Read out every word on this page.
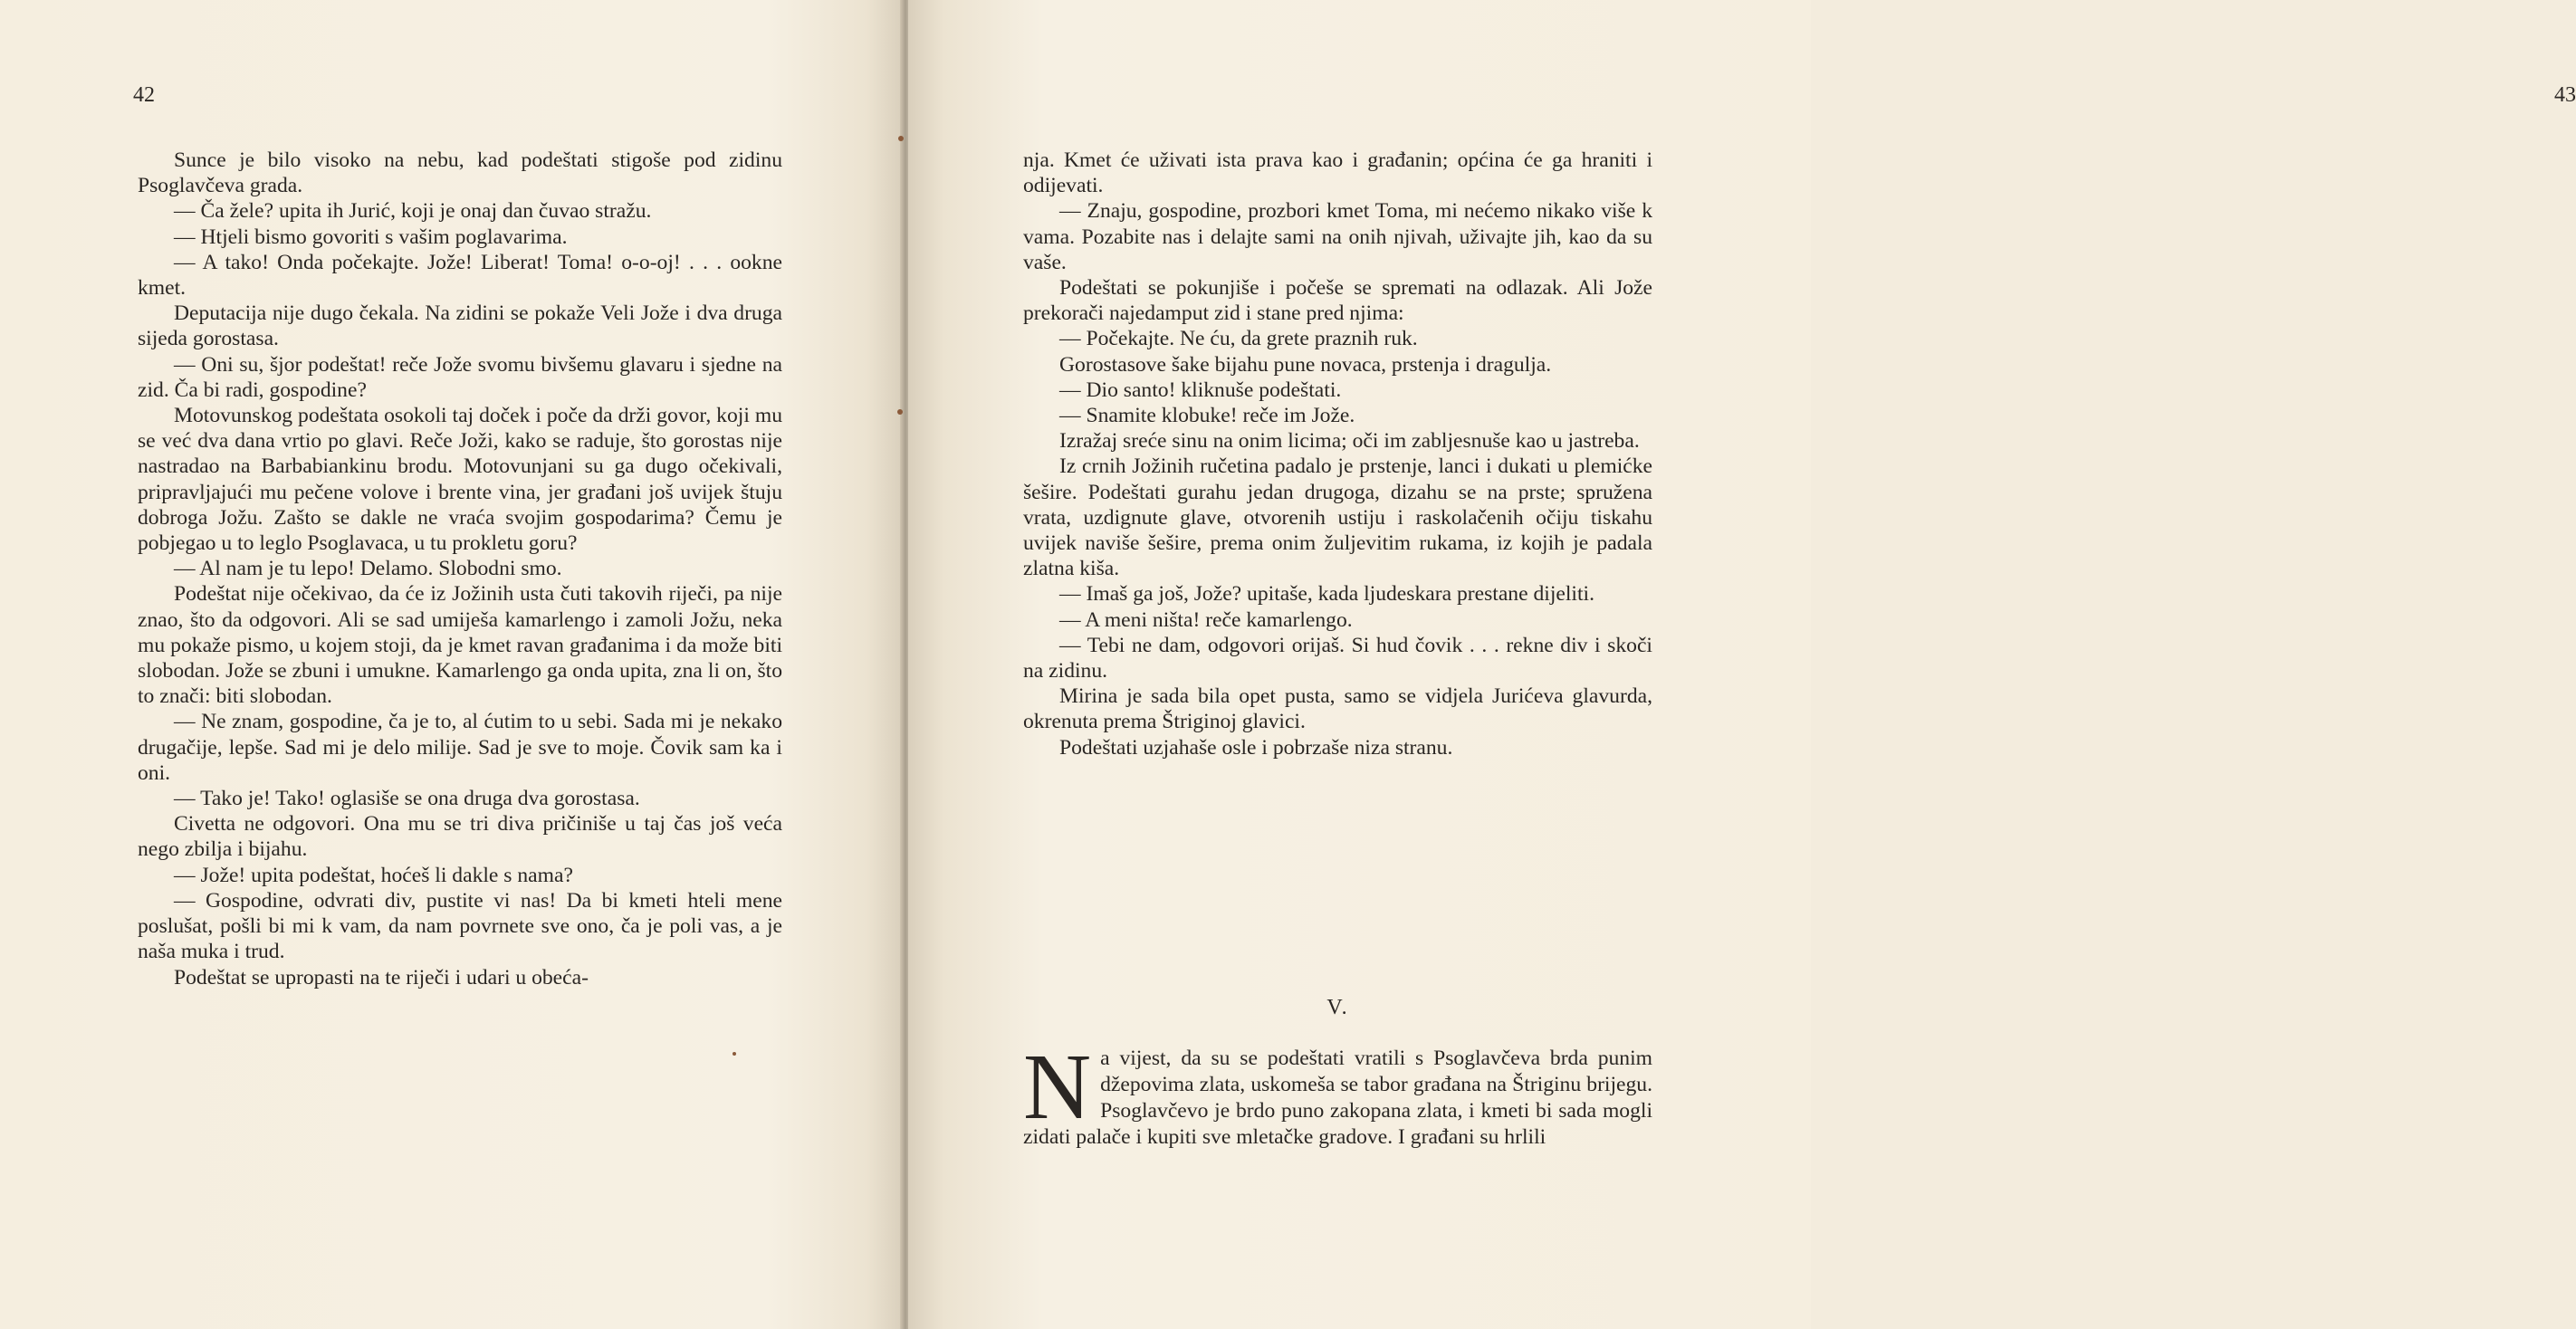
42

Sunce je bilo visoko na nebu, kad podeštati stigoše pod zidinu Psoglavčeva grada.

— Ča žele? upita ih Jurić, koji je onaj dan čuvao stražu.

— Htjeli bismo govoriti s vašim poglavarima.

— A tako! Onda počekajte. Jože! Liberat! Toma! o-o-oj! . . . ookne kmet.

Deputacija nije dugo čekala. Na zidini se pokaže Veli Jože i dva druga sijeda gorostasa.

— Oni su, šjor podeštat! reče Jože svomu bivšemu glavaru i sjedne na zid. Ča bi radi, gospodine?

Motovunskog podeštata osokoli taj doček i poče da drži govor, koji mu se već dva dana vrtio po glavi. Reče Joži, kako se raduje, što gorostas nije nastradao na Barbabiankinu brodu. Motovunjani su ga dugo očekivali, pripravljajući mu pečene volove i brente vina, jer građani još uvijek štuju dobroga Jožu. Zašto se dakle ne vraća svojim gospodarima? Čemu je pobjegao u to leglo Psoglavaca, u tu prokletu goru?

— Al nam je tu lepo! Delamo. Slobodni smo.

Podeštat nije očekivao, da će iz Jožinih usta čuti takovih riječi, pa nije znao, što da odgovori. Ali se sad umiješa kamarlengo i zamoli Jožu, neka mu pokaže pismo, u kojem stoji, da je kmet ravan građanima i da može biti slobodan. Jože se zbuni i umukne. Kamarlengo ga onda upita, zna li on, što to znači: biti slobodan.

— Ne znam, gospodine, ča je to, al ćutim to u sebi. Sada mi je nekako drugačije, lepše. Sad mi je delo milije. Sad je sve to moje. Čovik sam ka i oni.

— Tako je! Tako! oglasiše se ona druga dva gorostasa.

Civetta ne odgovori. Ona mu se tri diva pričiniše u taj čas još veća nego zbilja i bijahu.

— Jože! upita podeštat, hoćeš li dakle s nama?

— Gospodine, odvrati div, pustite vi nas! Da bi kmeti hteli mene poslušat, pošli bi mi k vam, da nam povrnete sve ono, ča je poli vas, a je naša muka i trud.

Podeštat se upropasti na te riječi i udari u obeća-

43

nja. Kmet će uživati ista prava kao i građanin; općina će ga hraniti i odijevati.

— Znaju, gospodine, prozbori kmet Toma, mi nećemo nikako više k vama. Pozabite nas i delajte sami na onih njivah, uživajte jih, kao da su vaše.

Podeštati se pokunjiše i počeše se spremati na odlazak. Ali Jože prekorači najedamput zid i stane pred njima:

— Počekajte. Ne ću, da grete praznih ruk.

Gorostasove šake bijahu pune novaca, prstenja i dragulja.

— Dio santo! kliknuše podeštati.

— Snamite klobuke! reče im Jože.

Izražaj sreće sinu na onim licima; oči im zabljesnuše kao u jastreba.

Iz crnih Jožinih ručetina padalo je prstenje, lanci i dukati u plemićke šešire. Podeštati gurahu jedan drugoga, dizahu se na prste; spružena vrata, uzdignute glave, otvorenih ustiju i raskolačenih očiju tiskahu uvijek naviše šešire, prema onim žuljevitim rukama, iz kojih je padala zlatna kiša.

— Imaš ga još, Jože? upitaše, kada ljudeskara prestane dijeliti.

— A meni ništa! reče kamarlengo.

— Tebi ne dam, odgovori orijaš. Si hud čovik . . . rekne div i skoči na zidinu.

Mirina je sada bila opet pusta, samo se vidjela Jurićeva glavurda, okrenuta prema Štriginoj glavici.

Podeštati uzjahaše osle i pobrzaše niza stranu.

V.
N a vijest, da su se podeštati vratili s Psoglavčeva brda punim džepovima zlata, uskomeša se tabor građana na Štriginu brijegu. Psoglavčevo je brdo puno zakopana zlata, i kmeti bi sada mogli zidati palače i kupiti sve mletačke gradove. I građani su hrlili
